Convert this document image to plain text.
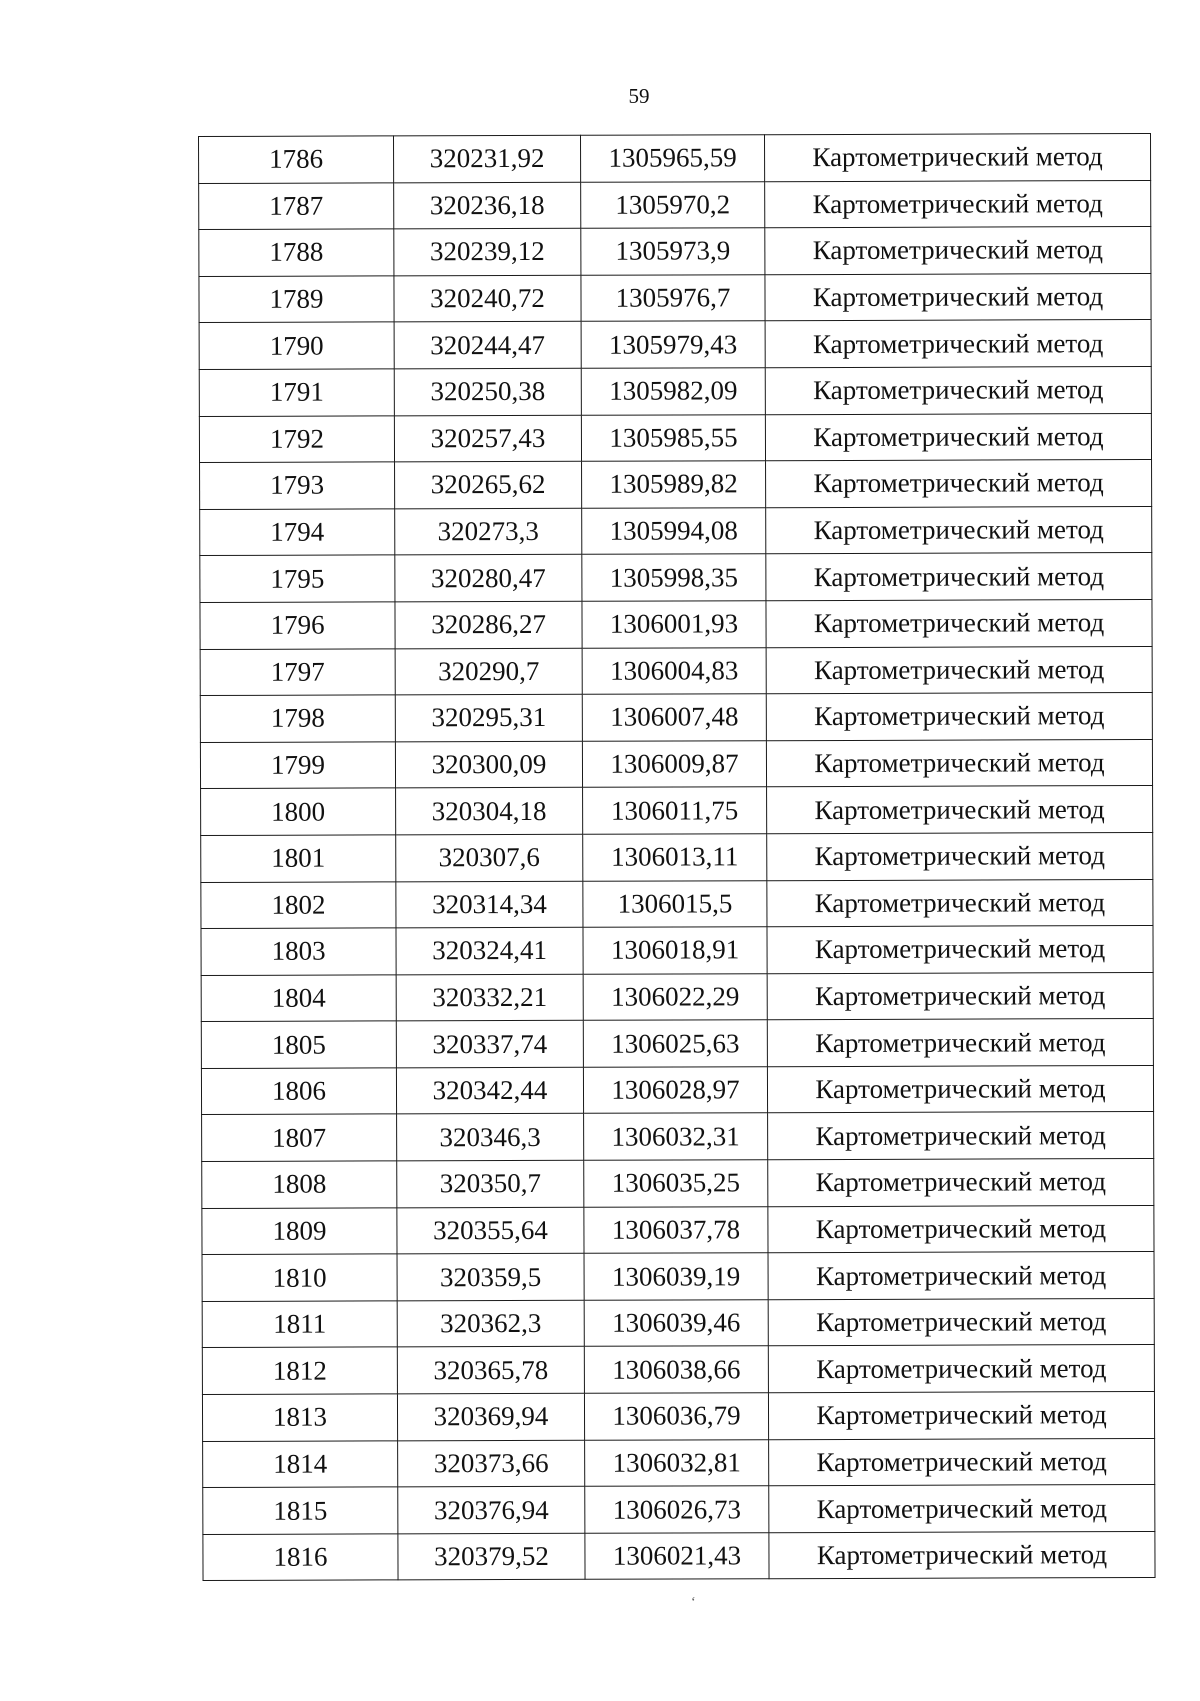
59
1786	320231,92	1305965,59	Картометрический метод
1787	320236,18	1305970,2	Картометрический метод
1788	320239,12	1305973,9	Картометрический метод
1789	320240,72	1305976,7	Картометрический метод
1790	320244,47	1305979,43	Картометрический метод
1791	320250,38	1305982,09	Картометрический метод
1792	320257,43	1305985,55	Картометрический метод
1793	320265,62	1305989,82	Картометрический метод
1794	320273,3	1305994,08	Картометрический метод
1795	320280,47	1305998,35	Картометрический метод
1796	320286,27	1306001,93	Картометрический метод
1797	320290,7	1306004,83	Картометрический метод
1798	320295,31	1306007,48	Картометрический метод
1799	320300,09	1306009,87	Картометрический метод
1800	320304,18	1306011,75	Картометрический метод
1801	320307,6	1306013,11	Картометрический метод
1802	320314,34	1306015,5	Картометрический метод
1803	320324,41	1306018,91	Картометрический метод
1804	320332,21	1306022,29	Картометрический метод
1805	320337,74	1306025,63	Картометрический метод
1806	320342,44	1306028,97	Картометрический метод
1807	320346,3	1306032,31	Картометрический метод
1808	320350,7	1306035,25	Картометрический метод
1809	320355,64	1306037,78	Картометрический метод
1810	320359,5	1306039,19	Картометрический метод
1811	320362,3	1306039,46	Картометрический метод
1812	320365,78	1306038,66	Картометрический метод
1813	320369,94	1306036,79	Картометрический метод
1814	320373,66	1306032,81	Картометрический метод
1815	320376,94	1306026,73	Картометрический метод
1816	320379,52	1306021,43	Картометрический метод
‘
